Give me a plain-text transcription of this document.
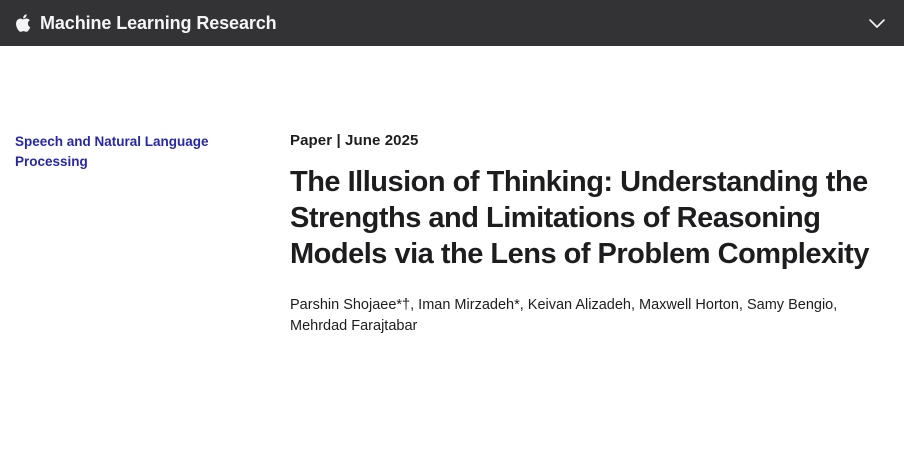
Machine Learning Research
Speech and Natural Language Processing

Paper | June 2025

The Illusion of Thinking: Understanding the Strengths and Limitations of Reasoning Models via the Lens of Problem Complexity

Parshin Shojaee*†, Iman Mirzadeh*, Keivan Alizadeh, Maxwell Horton, Samy Bengio, Mehrdad Farajtabar
